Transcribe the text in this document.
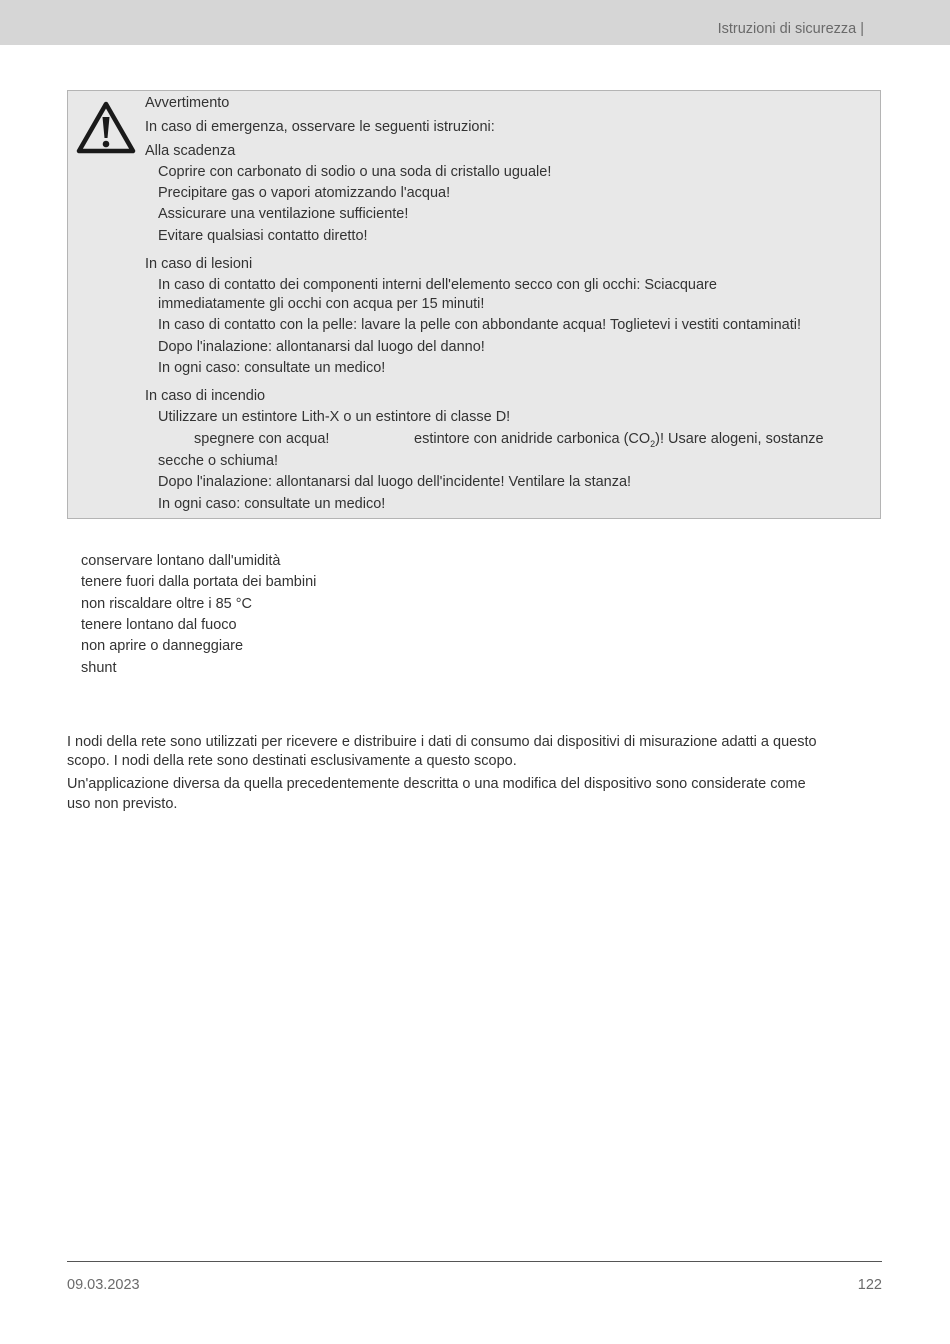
Istruzioni di sicurezza |
Avvertimento
In caso di emergenza, osservare le seguenti istruzioni:
Alla scadenza
Coprire con carbonato di sodio o una soda di cristallo uguale!
Precipitare gas o vapori atomizzando l'acqua!
Assicurare una ventilazione sufficiente!
Evitare qualsiasi contatto diretto!
In caso di lesioni
In caso di contatto dei componenti interni dell'elemento secco con gli occhi: Sciacquare
immediatamente gli occhi con acqua per 15 minuti!
In caso di contatto con la pelle: lavare la pelle con abbondante acqua! Toglietevi i vestiti contaminati!
Dopo l'inalazione: allontanarsi dal luogo del danno!
In ogni caso: consultate un medico!
In caso di incendio
Utilizzare un estintore Lith-X o un estintore di classe D!
spegnere con acqua!	estintore con anidride carbonica $(CO_2)$! Usare alogeni, sostanze
secche o schiuma!
Dopo l'inalazione: allontanarsi dal luogo dell'incidente! Ventilare la stanza!
In ogni caso: consultate un medico!
conservare lontano dall'umidità
tenere fuori dalla portata dei bambini
non riscaldare oltre i 85 °C
tenere lontano dal fuoco
non aprire o danneggiare
shunt
I nodi della rete sono utilizzati per ricevere e distribuire i dati di consumo dai dispositivi di misurazione adatti a questo
scopo. I nodi della rete sono destinati esclusivamente a questo scopo.
Un'applicazione diversa da quella precedentemente descritta o una modifica del dispositivo sono considerate come
uso non previsto.
09.03.2023	122
